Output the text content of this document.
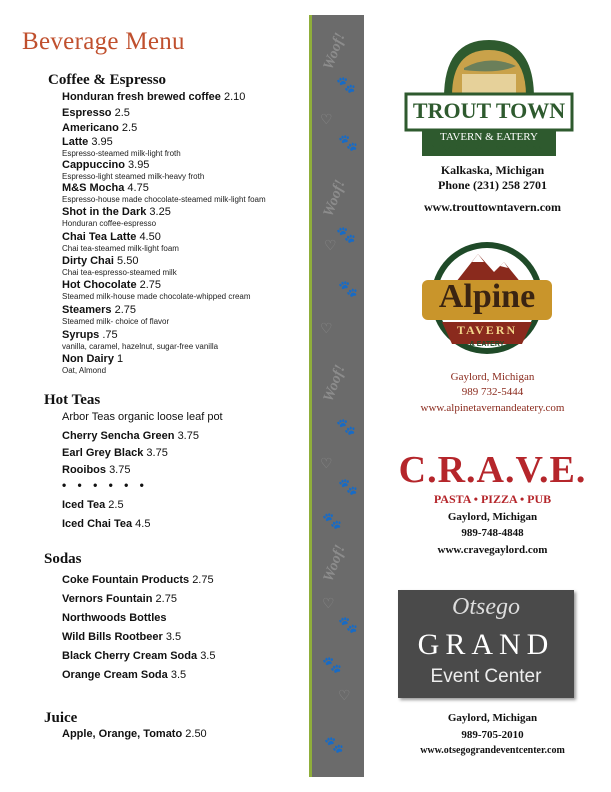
Beverage Menu
Coffee & Espresso
Honduran fresh brewed coffee 2.10
Espresso 2.5
Americano 2.5
Latte 3.95
Espresso-steamed milk-light froth
Cappuccino 3.95
Espresso-light steamed milk-heavy froth
M&S Mocha 4.75
Espresso-house made chocolate-steamed milk-light foam
Shot in the Dark 3.25
Honduran coffee-espresso
Chai Tea Latte 4.50
Chai tea-steamed milk-light foam
Dirty Chai 5.50
Chai tea-espresso-steamed milk
Hot Chocolate 2.75
Steamed milk-house made chocolate-whipped cream
Steamers 2.75
Steamed milk- choice of flavor
Syrups .75
vanilla, caramel, hazelnut, sugar-free vanilla
Non Dairy 1
Oat, Almond
Hot Teas
Arbor Teas organic loose leaf pot
Cherry Sencha Green 3.75
Earl Grey Black 3.75
Rooibos 3.75
• • • • • •
Iced Tea 2.5
Iced Chai Tea 4.5
Sodas
Coke Fountain Products 2.75
Vernors Fountain 2.75
Northwoods Bottles
Wild Bills Rootbeer 3.5
Black Cherry Cream Soda 3.5
Orange Cream Soda 3.5
Juice
Apple, Orange, Tomato 2.50
Woof!
🐾
♡
🐾
Woof!
🐾
♡
🐾
♡
Woof!
🐾
♡
🐾
🐾
Woof!
♡
🐾
🐾
♡
🐾
TROUT TOWN
TAVERN & EATERY
BREAKFAST ★ LUNCH ★ DINNER
Kalkaska, Michigan
Phone (231) 258 2701
www.trouttowntavern.com
Alpine
TAVERN
& EATERY
Gaylord, Michigan
989 732-5444
www.alpinetavernandeatery.com
C.R.A.V.E.
PASTA • PIZZA • PUB
Gaylord, Michigan
989-748-4848
www.cravegaylord.com
Otsego
GRAND
Event Center
Gaylord, Michigan
989-705-2010
www.otsegograndeventcenter.com
